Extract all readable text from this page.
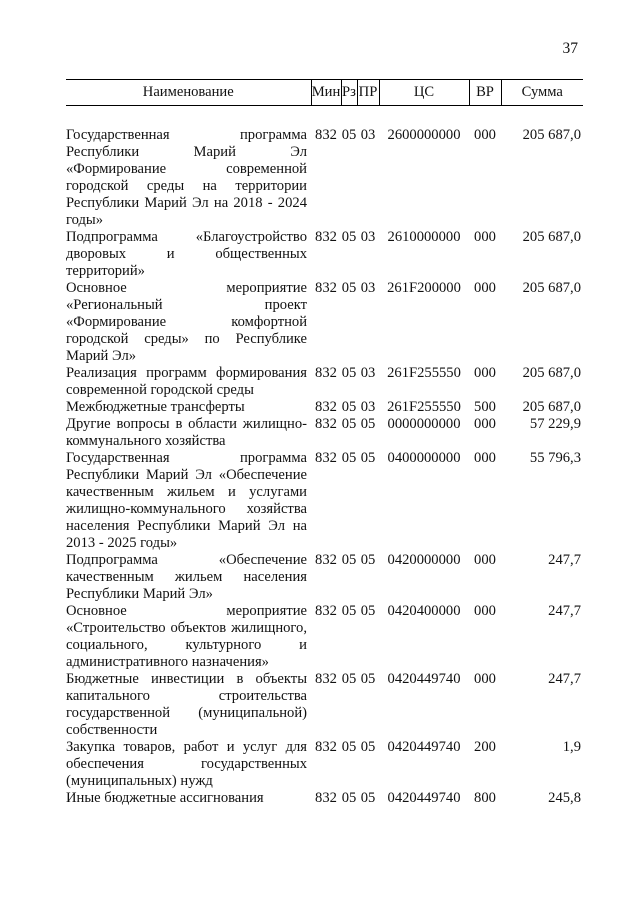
37
Наименование	Мин	Рз	ПР	ЦС	ВР	Сумма

Государственная программа Республики Марий Эл «Формирование современной городской среды на территории Республики Марий Эл на 2018 - 2024 годы»	832	05	03	2600000000	000	205 687,0
Подпрограмма «Благоустройство дворовых и общественных территорий»	832	05	03	2610000000	000	205 687,0
Основное мероприятие «Региональный проект «Формирование комфортной городской среды» по Республике Марий Эл»	832	05	03	261F200000	000	205 687,0
Реализация программ формирования современной городской среды	832	05	03	261F255550	000	205 687,0
Межбюджетные трансферты	832	05	03	261F255550	500	205 687,0
Другие вопросы в области жилищно-коммунального хозяйства	832	05	05	0000000000	000	57 229,9
Государственная программа Республики Марий Эл «Обеспечение качественным жильем и услугами жилищно-коммунального хозяйства населения Республики Марий Эл на 2013 - 2025 годы»	832	05	05	0400000000	000	55 796,3
Подпрограмма «Обеспечение качественным жильем населения Республики Марий Эл»	832	05	05	0420000000	000	247,7
Основное мероприятие «Строительство объектов жилищного, социального, культурного и административного назначения»	832	05	05	0420400000	000	247,7
Бюджетные инвестиции в объекты капитального строительства государственной (муниципальной) собственности	832	05	05	0420449740	000	247,7
Закупка товаров, работ и услуг для обеспечения государственных (муниципальных) нужд	832	05	05	0420449740	200	1,9
Иные бюджетные ассигнования	832	05	05	0420449740	800	245,8
